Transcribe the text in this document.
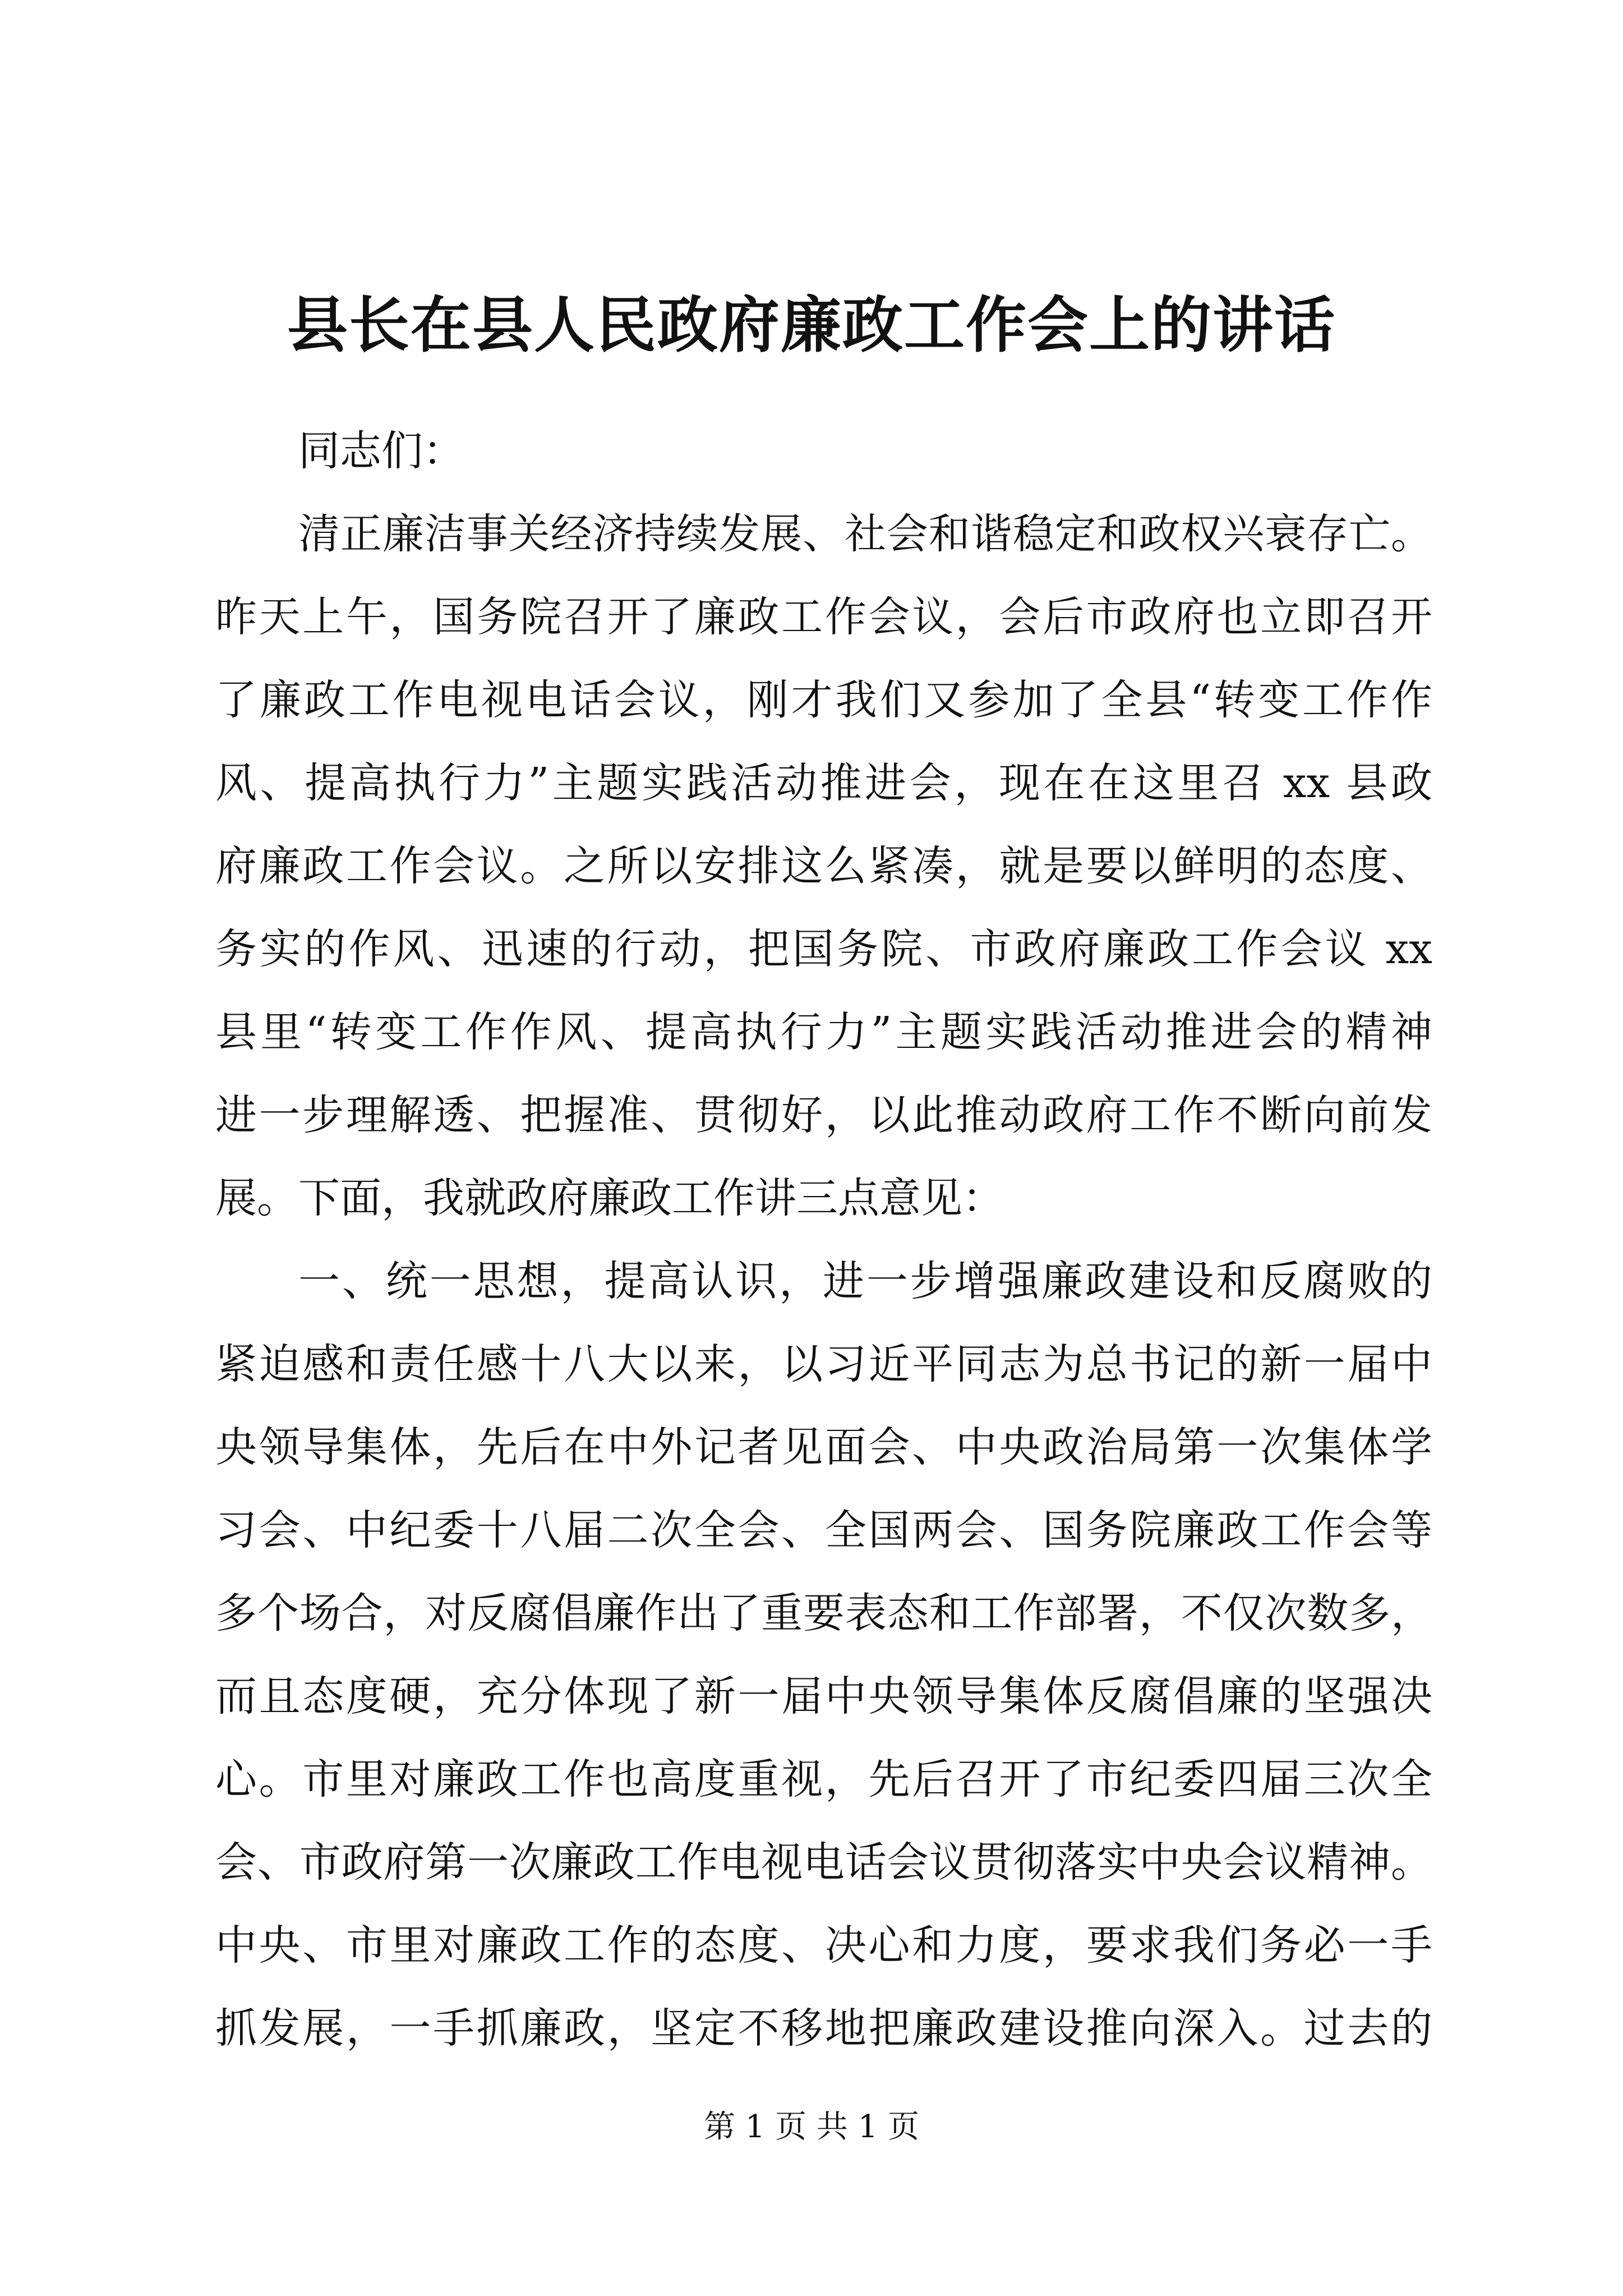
县长在县人民政府廉政工作会上的讲话

同志们：

清正廉洁事关经济持续发展、社会和谐稳定和政权兴衰存亡。

昨天上午，国务院召开了廉政工作会议，会后市政府也立即召开

了廉政工作电视电话会议，刚才我们又参加了全县“转变工作作

风、提高执行力”主题实践活动推进会，现在在这里召 xx 县政

府廉政工作会议。之所以安排这么紧凑，就是要以鲜明的态度、

务实的作风、迅速的行动，把国务院、市政府廉政工作会议 xx

县里“转变工作作风、提高执行力”主题实践活动推进会的精神

进一步理解透、把握准、贯彻好，以此推动政府工作不断向前发

展。下面，我就政府廉政工作讲三点意见：

一、统一思想，提高认识，进一步增强廉政建设和反腐败的

紧迫感和责任感十八大以来，以习近平同志为总书记的新一届中

央领导集体，先后在中外记者见面会、中央政治局第一次集体学

习会、中纪委十八届二次全会、全国两会、国务院廉政工作会等

多个场合，对反腐倡廉作出了重要表态和工作部署，不仅次数多，

而且态度硬，充分体现了新一届中央领导集体反腐倡廉的坚强决

心。市里对廉政工作也高度重视，先后召开了市纪委四届三次全

会、市政府第一次廉政工作电视电话会议贯彻落实中央会议精神。

中央、市里对廉政工作的态度、决心和力度，要求我们务必一手

抓发展，一手抓廉政，坚定不移地把廉政建设推向深入。过去的

第 1 页 共 1 页
